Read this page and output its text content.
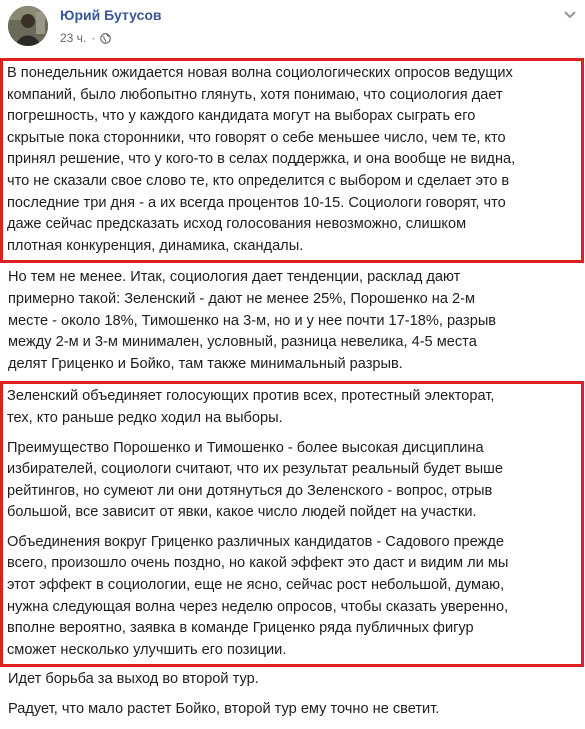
Юрий Бутусов
23 ч. ·

В понедельник ожидается новая волна социологических опросов ведущих
компаний, было любопытно глянуть, хотя понимаю, что социология дает
погрешность, что у каждого кандидата могут на выборах сыграть его
скрытые пока сторонники, что говорят о себе меньшее число, чем те, кто
принял решение, что у кого-то в селах поддержка, и она вообще не видна,
что не сказали свое слово те, кто определится с выбором и сделает это в
последние три дня - а их всегда процентов 10-15. Социологи говорят, что
даже сейчас предсказать исход голосования невозможно, слишком
плотная конкуренция, динамика, скандалы.

Но тем не менее. Итак, социология дает тенденции, расклад дают
примерно такой: Зеленский - дают не менее 25%, Порошенко на 2-м
месте - около 18%, Тимошенко на 3-м, но и у нее почти 17-18%, разрыв
между 2-м и 3-м минимален, условный, разница невелика, 4-5 места
делят Гриценко и Бойко, там также минимальный разрыв.

Зеленский объединяет голосующих против всех, протестный электорат,
тех, кто раньше редко ходил на выборы.

Преимущество Порошенко и Тимошенко - более высокая дисциплина
избирателей, социологи считают, что их результат реальный будет выше
рейтингов, но сумеют ли они дотянуться до Зеленского - вопрос, отрыв
большой, все зависит от явки, какое число людей пойдет на участки.

Объединения вокруг Гриценко различных кандидатов - Садового прежде
всего, произошло очень поздно, но какой эффект это даст и видим ли мы
этот эффект в социологии, еще не ясно, сейчас рост небольшой, думаю,
нужна следующая волна через неделю опросов, чтобы сказать уверенно,
вполне вероятно, заявка в команде Гриценко ряда публичных фигур
сможет несколько улучшить его позиции.

Идет борьба за выход во второй тур.

Радует, что мало растет Бойко, второй тур ему точно не светит.
